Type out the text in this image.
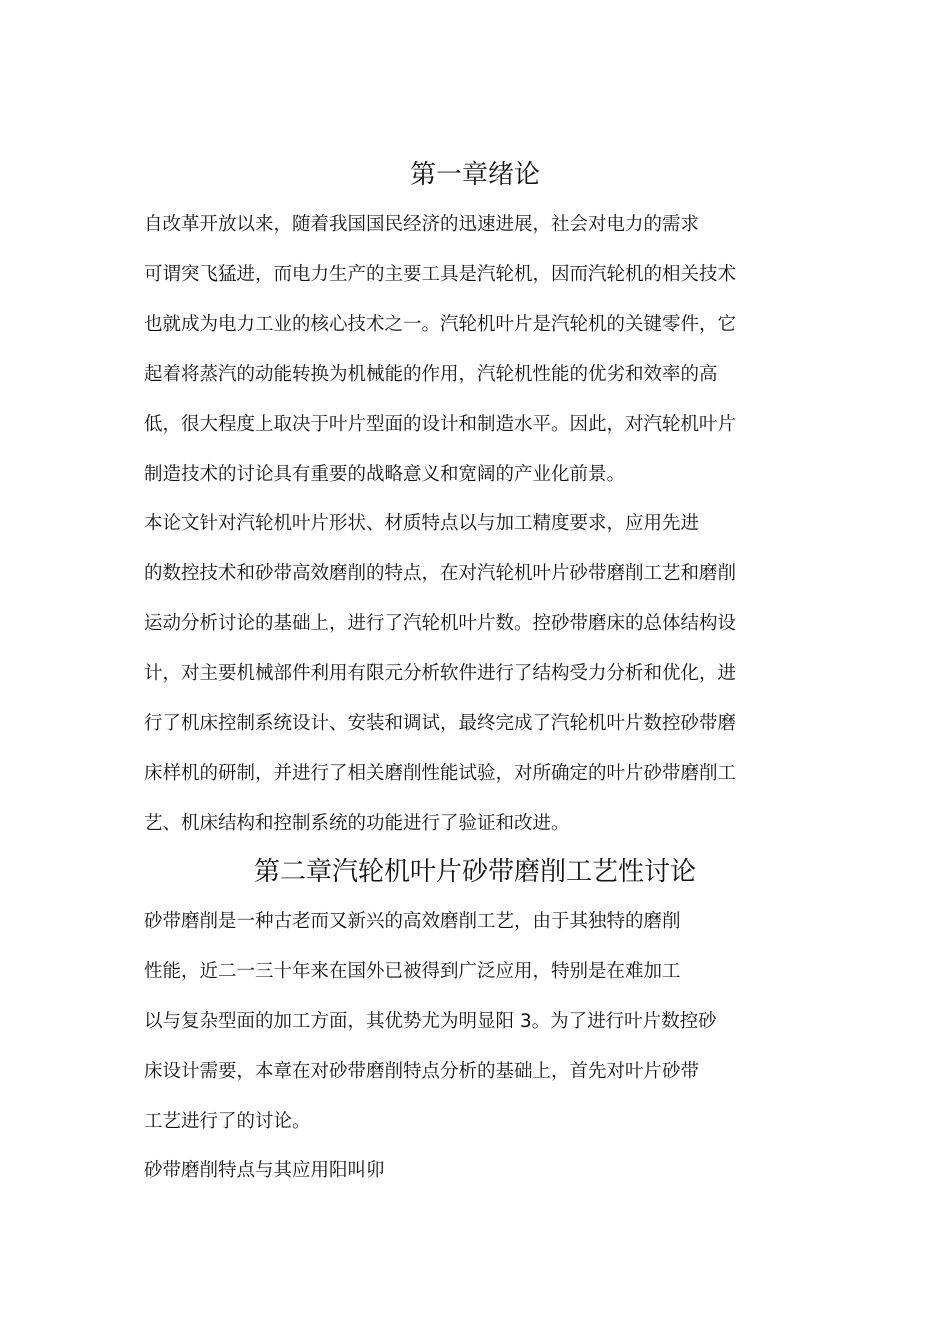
第一章绪论
自改革开放以来，随着我国国民经济的迅速进展，社会对电力的需求
可谓突飞猛进，而电力生产的主要工具是汽轮机，因而汽轮机的相关技术
也就成为电力工业的核心技术之一。汽轮机叶片是汽轮机的关键零件，它
起着将蒸汽的动能转换为机械能的作用，汽轮机性能的优劣和效率的高
低，很大程度上取决于叶片型面的设计和制造水平。因此，对汽轮机叶片
制造技术的讨论具有重要的战略意义和宽阔的产业化前景。
本论文针对汽轮机叶片形状、材质特点以与加工精度要求，应用先进
的数控技术和砂带高效磨削的特点，在对汽轮机叶片砂带磨削工艺和磨削
运动分析讨论的基础上，进行了汽轮机叶片数。控砂带磨床的总体结构设
计，对主要机械部件利用有限元分析软件进行了结构受力分析和优化，进
行了机床控制系统设计、安装和调试，最终完成了汽轮机叶片数控砂带磨
床样机的研制，并进行了相关磨削性能试验，对所确定的叶片砂带磨削工
艺、机床结构和控制系统的功能进行了验证和改进。
第二章汽轮机叶片砂带磨削工艺性讨论
砂带磨削是一种古老而又新兴的高效磨削工艺，由于其独特的磨削
性能，近二一三十年来在国外已被得到广泛应用，特别是在难加工
以与复杂型面的加工方面，其优势尤为明显阳 3。为了进行叶片数控砂
床设计需要，本章在对砂带磨削特点分析的基础上，首先对叶片砂带
工艺进行了的讨论。
砂带磨削特点与其应用阳叫卯
